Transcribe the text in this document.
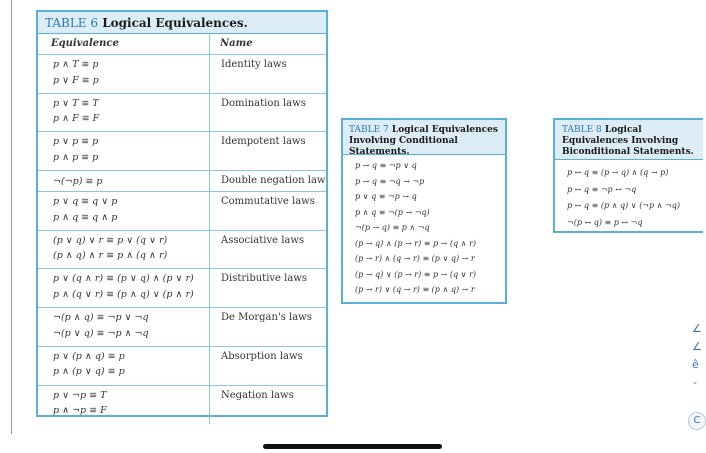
TABLE 6 Logical Equivalences.
Equivalence	Name
p ∧ T ≡ p
p ∨ F ≡ p
Identity laws
p ∨ T ≡ T
p ∧ F ≡ F
Domination laws
p ∨ p ≡ p
p ∧ p ≡ p
Idempotent laws
¬(¬p) ≡ p	Double negation law
p ∨ q ≡ q ∨ p
p ∧ q ≡ q ∧ p
Commutative laws
(p ∨ q) ∨ r ≡ p ∨ (q ∨ r)
(p ∧ q) ∧ r ≡ p ∧ (q ∧ r)
Associative laws
p ∨ (q ∧ r) ≡ (p ∨ q) ∧ (p ∨ r)
p ∧ (q ∨ r) ≡ (p ∧ q) ∨ (p ∧ r)
Distributive laws
¬(p ∧ q) ≡ ¬p ∨ ¬q
¬(p ∨ q) ≡ ¬p ∧ ¬q
De Morgan's laws
p ∨ (p ∧ q) ≡ p
p ∧ (p ∨ q) ≡ p
Absorption laws
p ∨ ¬p ≡ T
p ∧ ¬p ≡ F
Negation laws
TABLE 7 Logical Equivalences Involving Conditional Statements.
p → q ≡ ¬p ∨ q
p → q ≡ ¬q → ¬p
p ∨ q ≡ ¬p → q
p ∧ q ≡ ¬(p → ¬q)
¬(p → q) ≡ p ∧ ¬q
(p → q) ∧ (p → r) ≡ p → (q ∧ r)
(p → r) ∧ (q → r) ≡ (p ∨ q) → r
(p → q) ∨ (p → r) ≡ p → (q ∨ r)
(p → r) ∨ (q → r) ≡ (p ∧ q) → r
TABLE 8 Logical Equivalences Involving Biconditional Statements.
p ↔ q ≡ (p → q) ∧ (q → p)
p ↔ q ≡ ¬p ↔ ¬q
p ↔ q ≡ (p ∧ q) ∨ (¬p ∧ ¬q)
¬(p ↔ q) ≡ p ↔ ¬q
∠
∠
ê
-
C
